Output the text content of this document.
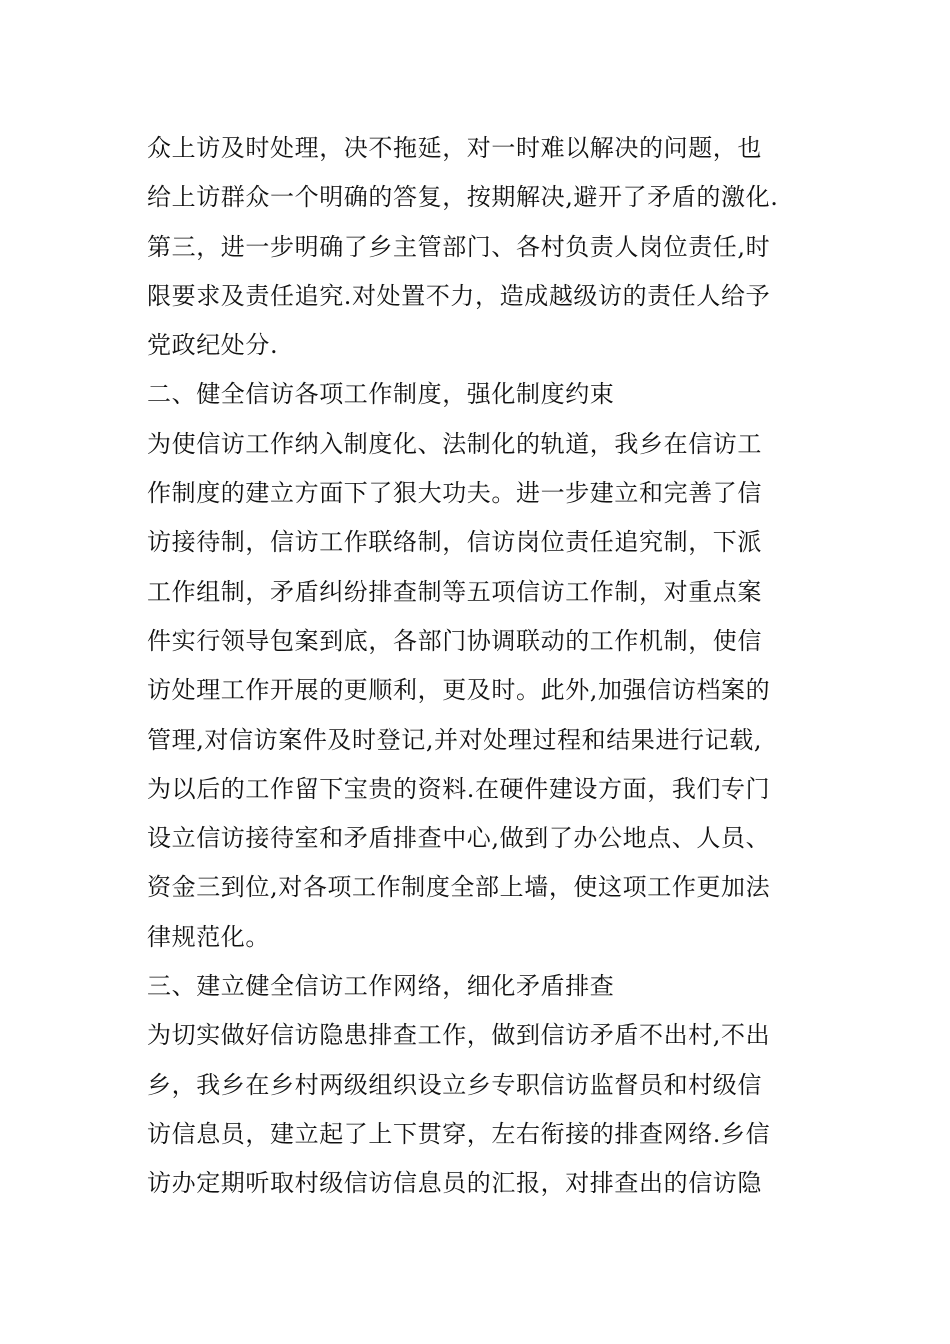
众上访及时处理，决不拖延，对一时难以解决的问题，也
给上访群众一个明确的答复，按期解决,避开了矛盾的激化.
第三，进一步明确了乡主管部门、各村负责人岗位责任,时
限要求及责任追究.对处置不力，造成越级访的责任人给予
党政纪处分.
二、健全信访各项工作制度，强化制度约束
为使信访工作纳入制度化、法制化的轨道，我乡在信访工
作制度的建立方面下了狠大功夫。进一步建立和完善了信
访接待制，信访工作联络制，信访岗位责任追究制，下派
工作组制，矛盾纠纷排查制等五项信访工作制，对重点案
件实行领导包案到底，各部门协调联动的工作机制，使信
访处理工作开展的更顺利，更及时。此外,加强信访档案的
管理,对信访案件及时登记,并对处理过程和结果进行记载,
为以后的工作留下宝贵的资料.在硬件建设方面，我们专门
设立信访接待室和矛盾排查中心,做到了办公地点、人员、
资金三到位,对各项工作制度全部上墙，使这项工作更加法
律规范化。
三、建立健全信访工作网络，细化矛盾排查
为切实做好信访隐患排查工作，做到信访矛盾不出村,不出
乡，我乡在乡村两级组织设立乡专职信访监督员和村级信
访信息员，建立起了上下贯穿，左右衔接的排查网络.乡信
访办定期听取村级信访信息员的汇报，对排查出的信访隐
